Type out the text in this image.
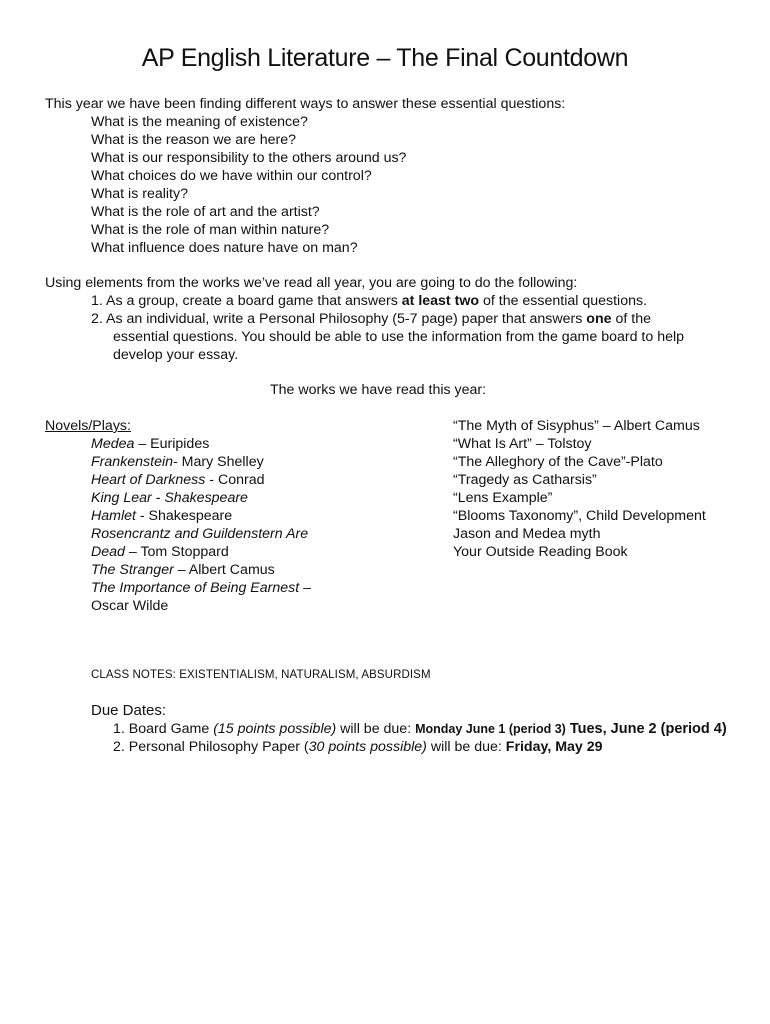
AP English Literature – The Final Countdown
This year we have been finding different ways to answer these essential questions:
What is the meaning of existence?
What is the reason we are here?
What is our responsibility to the others around us?
What choices do we have within our control?
What is reality?
What is the role of art and the artist?
What is the role of man within nature?
What influence does nature have on man?
Using elements from the works we’ve read all year, you are going to do the following:
1. As a group, create a board game that answers at least two of the essential questions.
2. As an individual, write a Personal Philosophy (5-7 page) paper that answers one of the
essential questions. You should be able to use the information from the game board to help
develop your essay.
The works we have read this year:
Novels/Plays:
Medea – Euripides
Frankenstein- Mary Shelley
Heart of Darkness - Conrad
King Lear - Shakespeare
Hamlet - Shakespeare
Rosencrantz and Guildenstern Are
Dead – Tom Stoppard
The Stranger – Albert Camus
The Importance of Being Earnest –
Oscar Wilde
“The Myth of Sisyphus” – Albert Camus
“What Is Art” – Tolstoy
“The Alleghory of the Cave”-Plato
“Tragedy as Catharsis”
“Lens Example”
“Blooms Taxonomy”, Child Development
Jason and Medea myth
Your Outside Reading Book
CLASS NOTES: EXISTENTIALISM, NATURALISM, ABSURDISM
Due Dates:
1. Board Game (15 points possible) will be due: Monday June 1 (period 3) Tues, June 2 (period 4)
2. Personal Philosophy Paper (30 points possible) will be due: Friday, May 29
